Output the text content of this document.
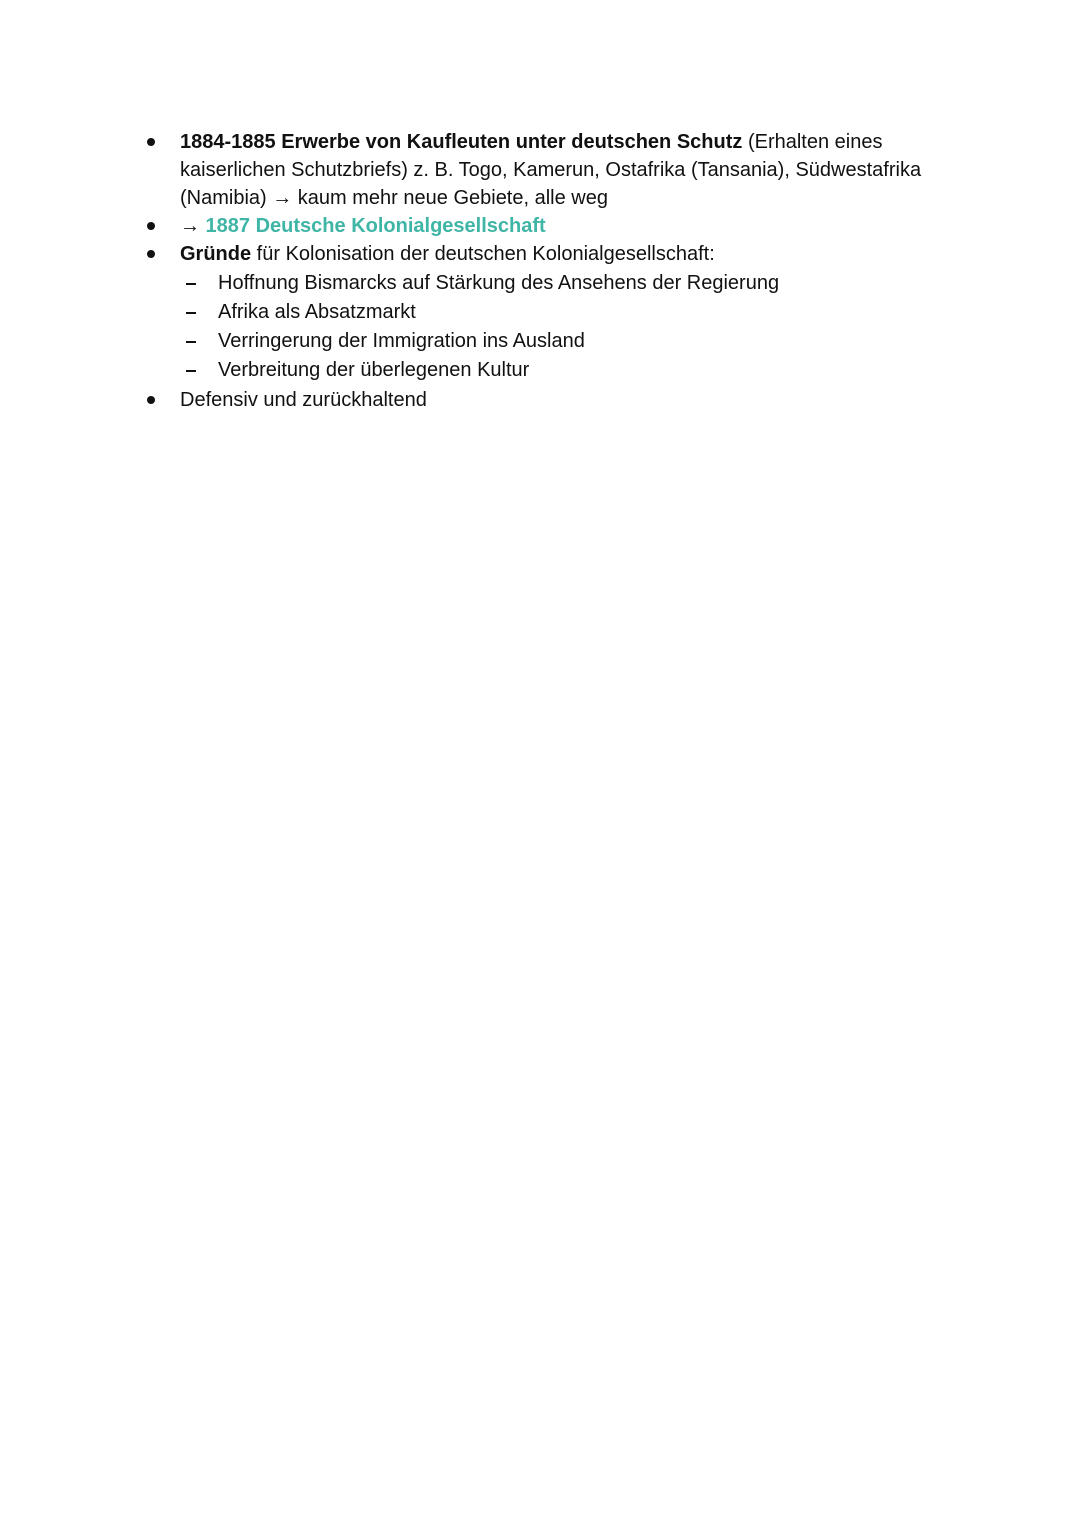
1884-1885 Erwerbe von Kaufleuten unter deutschen Schutz (Erhalten eines kaiserlichen Schutzbriefs) z. B. Togo, Kamerun, Ostafrika (Tansania), Südwestafrika (Namibia) → kaum mehr neue Gebiete, alle weg
→ 1887 Deutsche Kolonialgesellschaft
Gründe für Kolonisation der deutschen Kolonialgesellschaft:
Hoffnung Bismarcks auf Stärkung des Ansehens der Regierung
Afrika als Absatzmarkt
Verringerung der Immigration ins Ausland
Verbreitung der überlegenen Kultur
Defensiv und zurückhaltend
